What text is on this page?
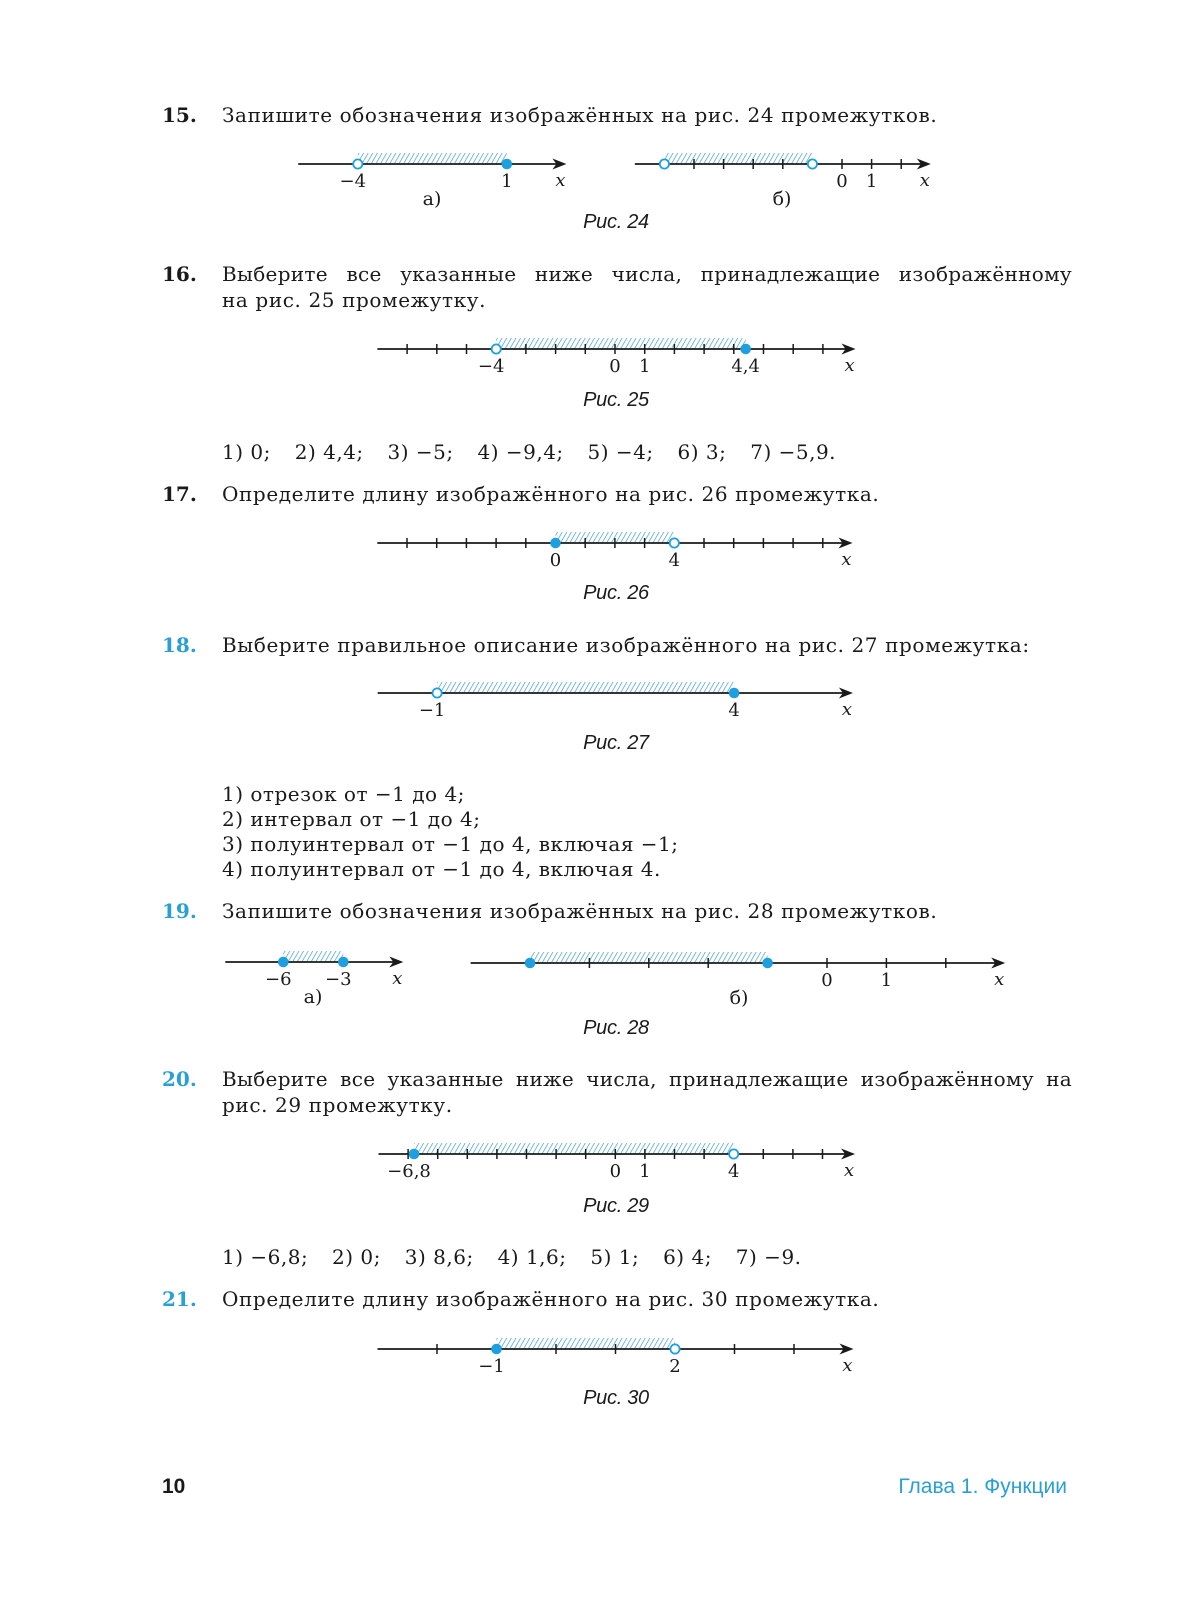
15. Запишите обозначения изображённых на рис. 24 промежутков.
16. Выберите все указанные ниже числа, принадлежащие изображённому
на рис. 25 промежутку.
1) 0; 2) 4,4; 3) −5; 4) −9,4; 5) −4; 6) 3; 7) −5,9.
17. Определите длину изображённого на рис. 26 промежутка.
18. Выберите правильное описание изображённого на рис. 27 промежутка:
1) отрезок от −1 до 4;
2) интервал от −1 до 4;
3) полуинтервал от −1 до 4, включая −1;
4) полуинтервал от −1 до 4, включая 4.
19. Запишите обозначения изображённых на рис. 28 промежутков.
20. Выберите все указанные ниже числа, принадлежащие изображённому на
рис. 29 промежутку.
1) −6,8; 2) 0; 3) 8,6; 4) 1,6; 5) 1; 6) 4; 7) −9.
21. Определите длину изображённого на рис. 30 промежутка.
Рис. 24
Рис. 25
Рис. 26
Рис. 27
Рис. 28
Рис. 29
Рис. 30
−4	1 x
а)
0 1 x
б)
−4	0 1	4,4	x
0	4	x
−1	4	x
−6 −3 x
а)
0	1	x
б)
−6,8	0 1	4	x
−1	2	x
10	Глава 1. Функции
